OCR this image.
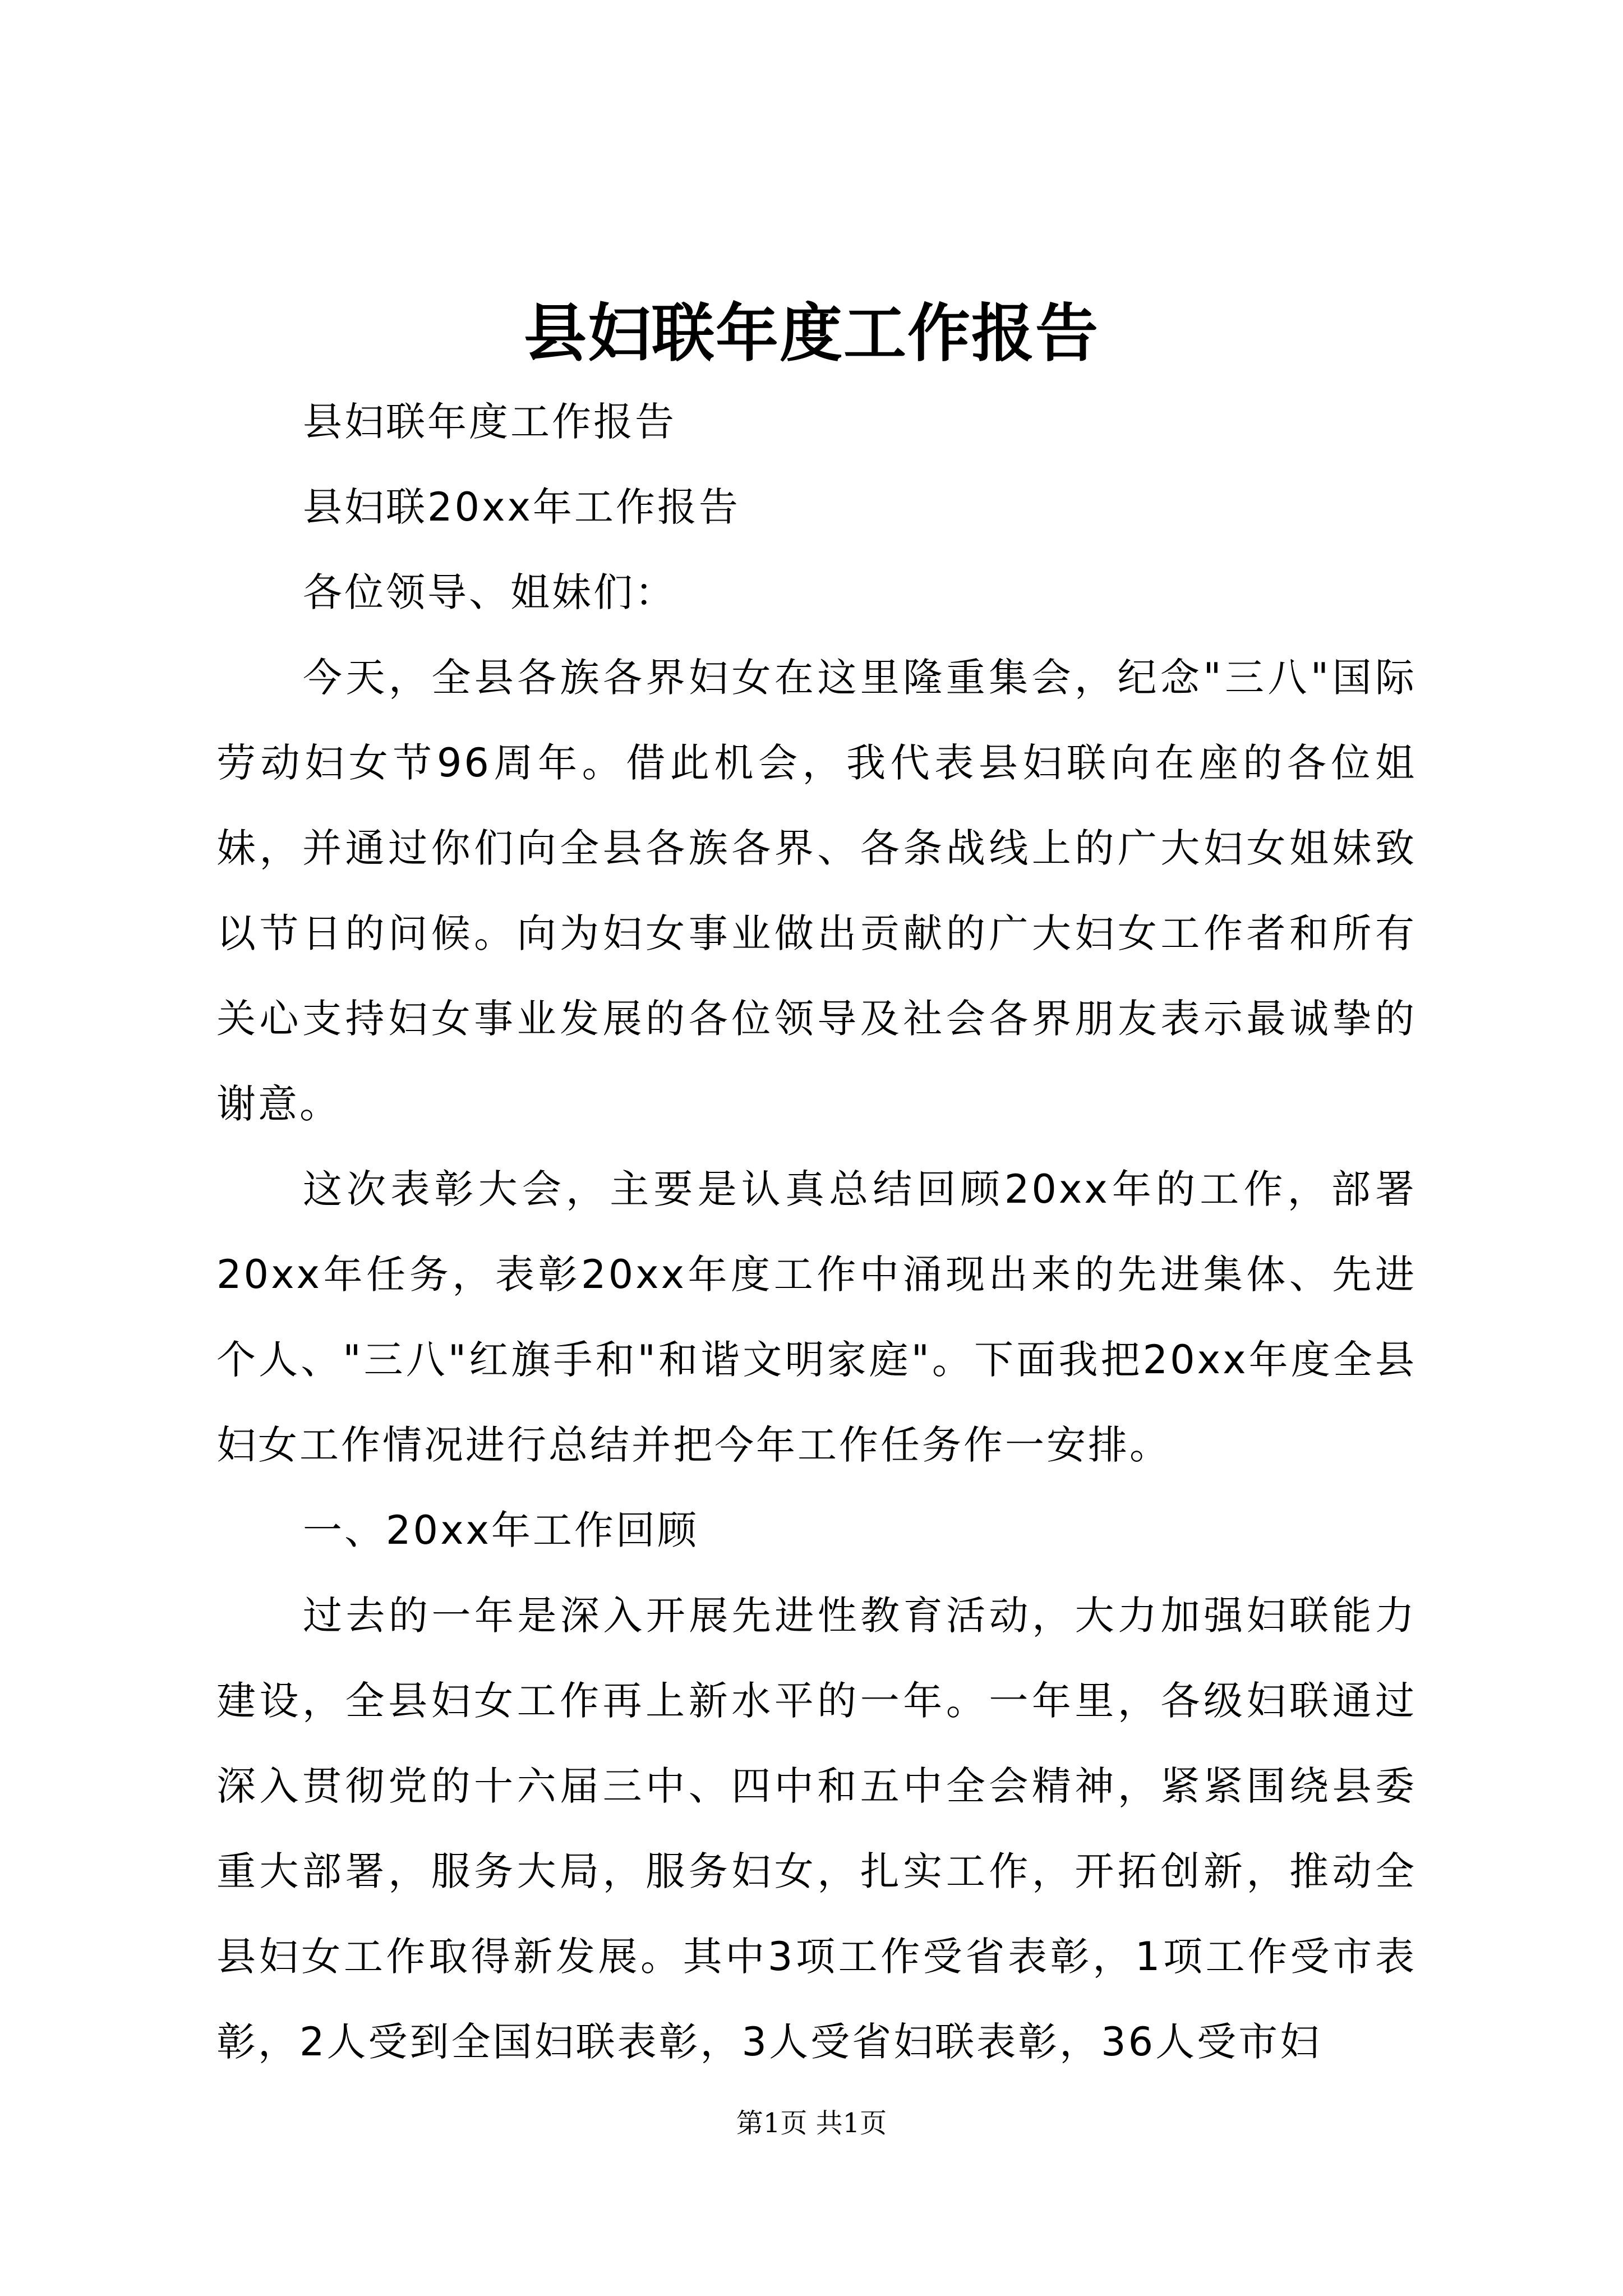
县妇联年度工作报告

县妇联年度工作报告

县妇联20xx年工作报告

各位领导、姐妹们：

今天，全县各族各界妇女在这里隆重集会，纪念"三八"国际劳动妇女节96周年。借此机会，我代表县妇联向在座的各位姐妹，并通过你们向全县各族各界、各条战线上的广大妇女姐妹致以节日的问候。向为妇女事业做出贡献的广大妇女工作者和所有关心支持妇女事业发展的各位领导及社会各界朋友表示最诚挚的谢意。

这次表彰大会，主要是认真总结回顾20xx年的工作，部署20xx年任务，表彰20xx年度工作中涌现出来的先进集体、先进个人、"三八"红旗手和"和谐文明家庭"。下面我把20xx年度全县妇女工作情况进行总结并把今年工作任务作一安排。

一、20xx年工作回顾

过去的一年是深入开展先进性教育活动，大力加强妇联能力建设，全县妇女工作再上新水平的一年。一年里，各级妇联通过深入贯彻党的十六届三中、四中和五中全会精神，紧紧围绕县委重大部署，服务大局，服务妇女，扎实工作，开拓创新，推动全县妇女工作取得新发展。其中3项工作受省表彰，1项工作受市表彰，2人受到全国妇联表彰，3人受省妇联表彰，36人受市妇

第1页 共1页
